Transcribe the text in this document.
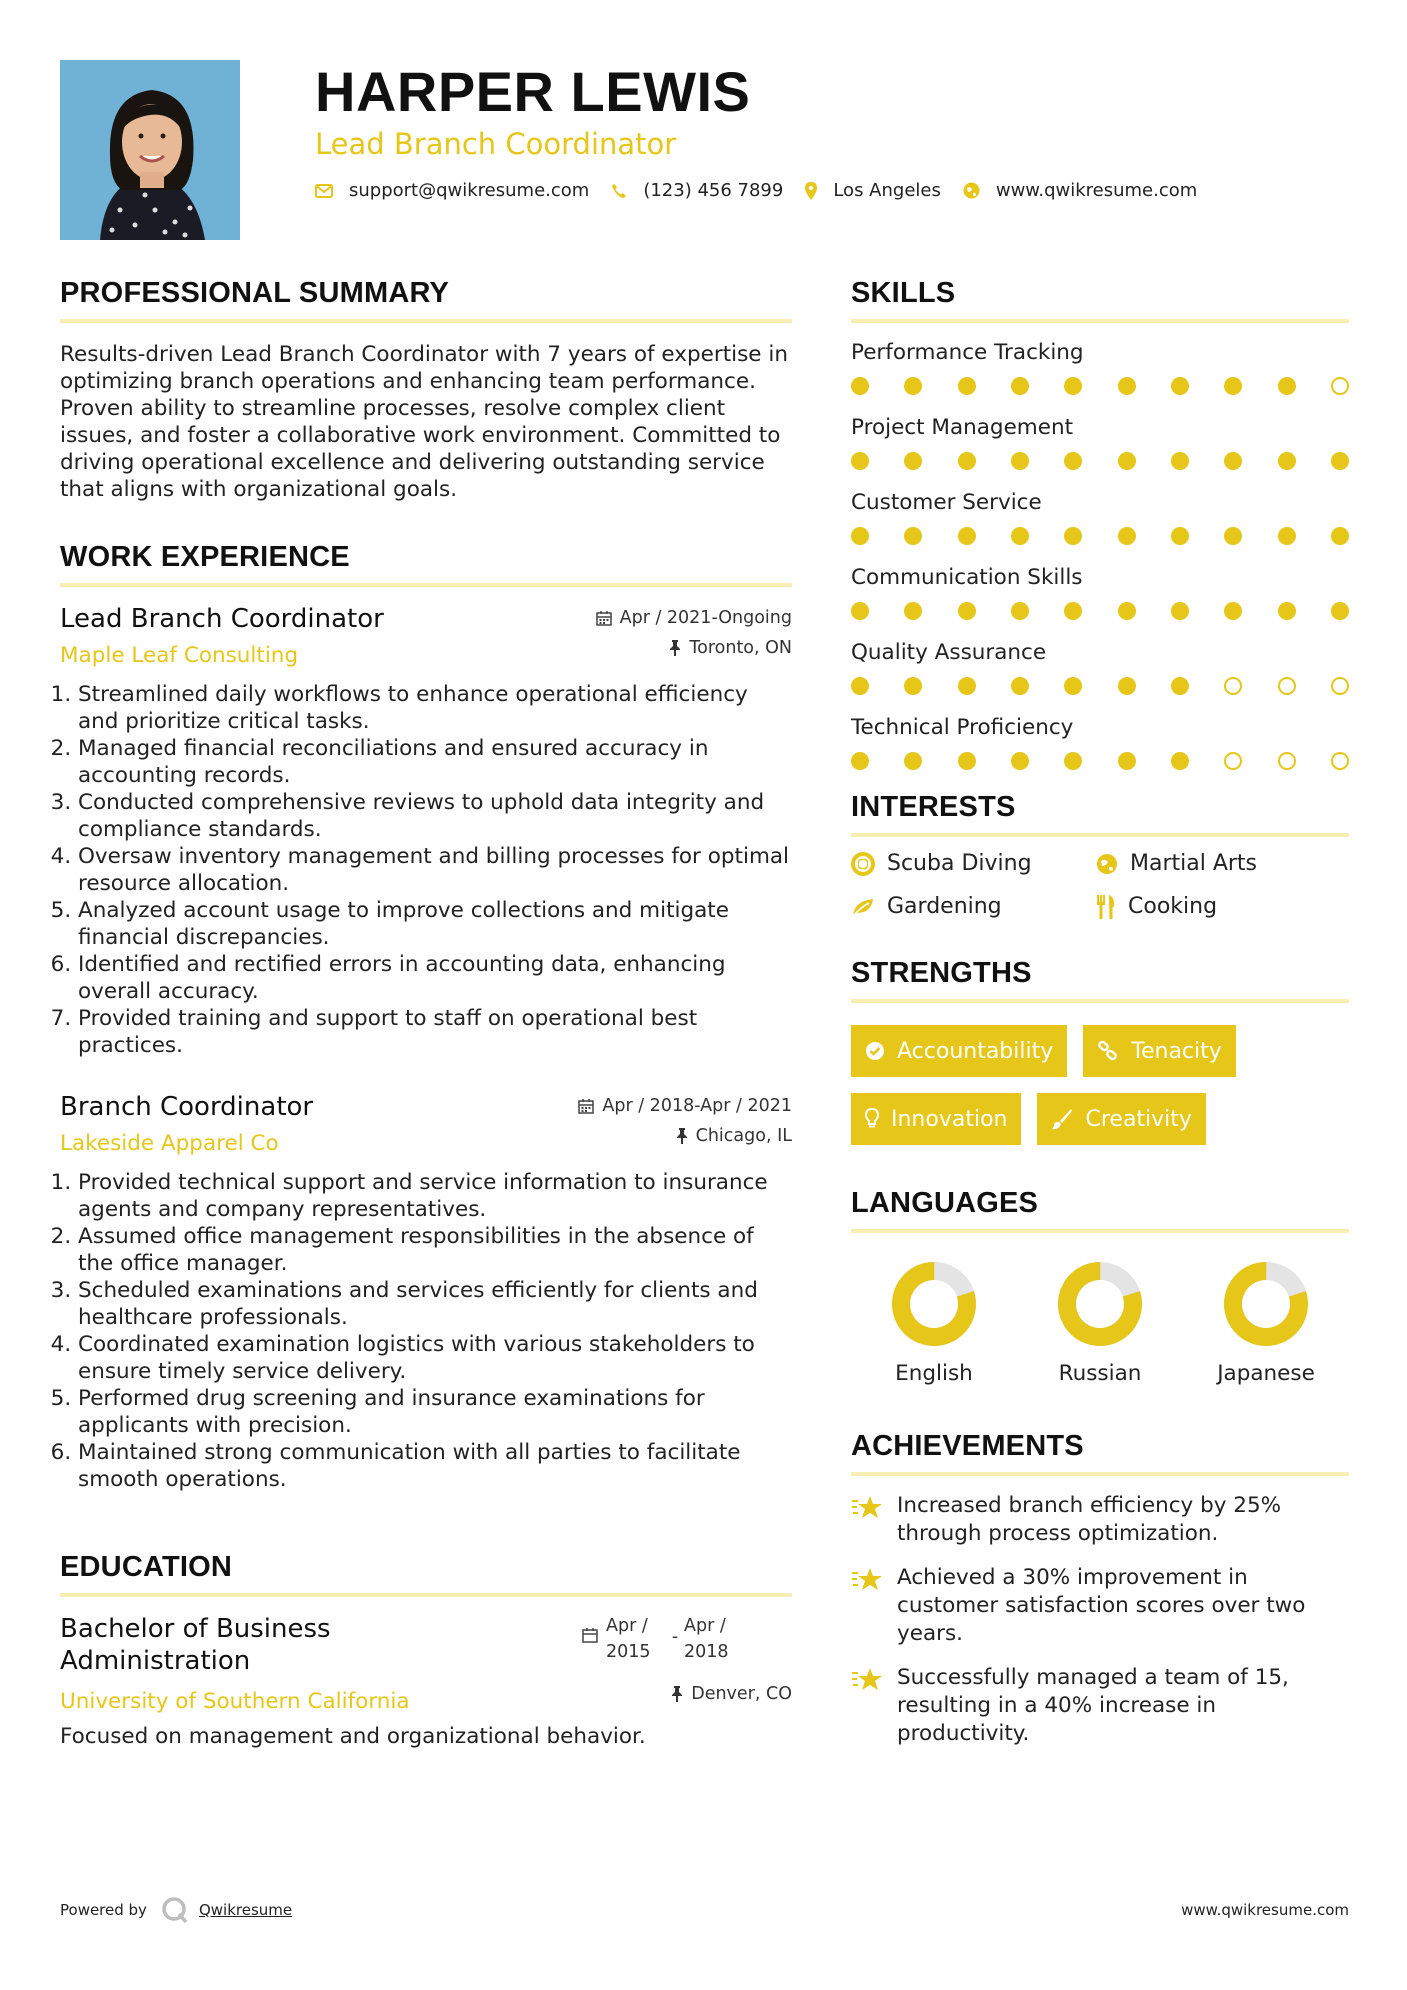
HARPER LEWIS
Lead Branch Coordinator
support@qwikresume.com	(123) 456 7899	Los Angeles	www.qwikresume.com
PROFESSIONAL SUMMARY

Results-driven Lead Branch Coordinator with 7 years of expertise in optimizing branch operations and enhancing team performance. Proven ability to streamline processes, resolve complex client issues, and foster a collaborative work environment. Committed to driving operational excellence and delivering outstanding service that aligns with organizational goals.

WORK EXPERIENCE
Apr / 2021-Ongoing
Toronto, ON
Lead Branch Coordinator
Maple Leaf Consulting
1. Streamlined daily workflows to enhance operational efficiency and prioritize critical tasks.
2. Managed financial reconciliations and ensured accuracy in accounting records.
3. Conducted comprehensive reviews to uphold data integrity and compliance standards.
4. Oversaw inventory management and billing processes for optimal resource allocation.
5. Analyzed account usage to improve collections and mitigate financial discrepancies.
6. Identified and rectified errors in accounting data, enhancing overall accuracy.
7. Provided training and support to staff on operational best practices.
Apr / 2018-Apr / 2021
Chicago, IL
Branch Coordinator
Lakeside Apparel Co
1. Provided technical support and service information to insurance agents and company representatives.
2. Assumed office management responsibilities in the absence of the office manager.
3. Scheduled examinations and services efficiently for clients and healthcare professionals.
4. Coordinated examination logistics with various stakeholders to ensure timely service delivery.
5. Performed drug screening and insurance examinations for applicants with precision.
6. Maintained strong communication with all parties to facilitate smooth operations.
EDUCATION
Apr / 2015
-
Apr / 2018
Denver, CO
Bachelor of Business Administration
University of Southern California

Focused on management and organizational behavior.

SKILLS
Performance Tracking
Project Management
Customer Service
Communication Skills
Quality Assurance
Technical Proficiency
INTERESTS
Scuba Diving	Martial Arts
Gardening	Cooking
STRENGTHS
Accountability	Tenacity
Innovation	Creativity
LANGUAGES
English	Russian	Japanese
ACHIEVEMENTS
Increased branch efficiency by 25% through process optimization.
Achieved a 30% improvement in customer satisfaction scores over two years.
Successfully managed a team of 15, resulting in a 40% increase in productivity.
Powered by	Qwikresume	www.qwikresume.com
